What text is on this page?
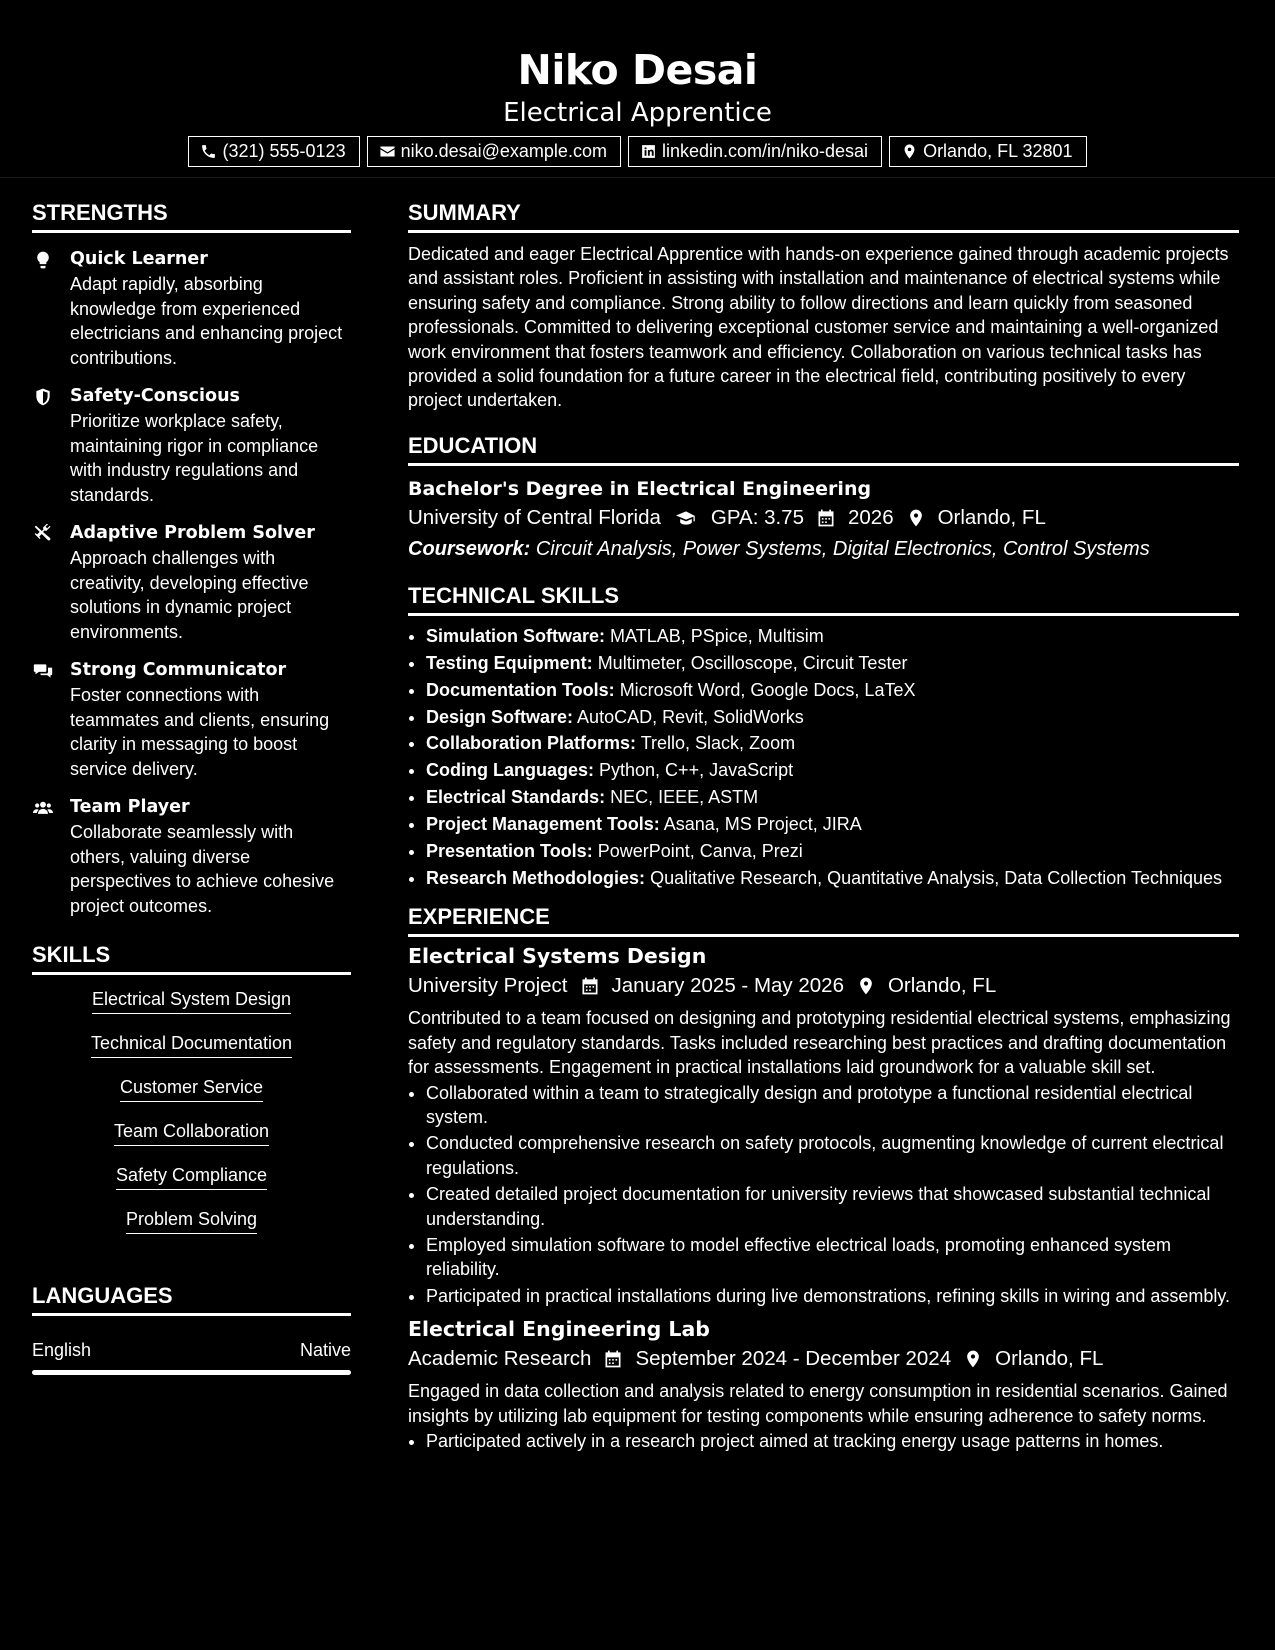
Niko Desai
Electrical Apprentice
(321) 555-0123	niko.desai@example.com	linkedin.com/in/niko-desai	Orlando, FL 32801
STRENGTHS
Quick Learner
Adapt rapidly, absorbing knowledge from experienced electricians and enhancing project contributions.
Safety-Conscious
Prioritize workplace safety, maintaining rigor in compliance with industry regulations and standards.
Adaptive Problem Solver
Approach challenges with creativity, developing effective solutions in dynamic project environments.
Strong Communicator
Foster connections with teammates and clients, ensuring clarity in messaging to boost service delivery.
Team Player
Collaborate seamlessly with others, valuing diverse perspectives to achieve cohesive project outcomes.
SKILLS
Electrical System Design
Technical Documentation
Customer Service
Team Collaboration
Safety Compliance
Problem Solving
LANGUAGES
English	Native
SUMMARY
Dedicated and eager Electrical Apprentice with hands-on experience gained through academic projects and assistant roles. Proficient in assisting with installation and maintenance of electrical systems while ensuring safety and compliance. Strong ability to follow directions and learn quickly from seasoned professionals. Committed to delivering exceptional customer service and maintaining a well-organized work environment that fosters teamwork and efficiency. Collaboration on various technical tasks has provided a solid foundation for a future career in the electrical field, contributing positively to every project undertaken.
EDUCATION
Bachelor's Degree in Electrical Engineering
University of Central Florida GPA: 3.75 2026 Orlando, FL
Coursework: Circuit Analysis, Power Systems, Digital Electronics, Control Systems
TECHNICAL SKILLS
• Simulation Software: MATLAB, PSpice, Multisim
• Testing Equipment: Multimeter, Oscilloscope, Circuit Tester
• Documentation Tools: Microsoft Word, Google Docs, LaTeX
• Design Software: AutoCAD, Revit, SolidWorks
• Collaboration Platforms: Trello, Slack, Zoom
• Coding Languages: Python, C++, JavaScript
• Electrical Standards: NEC, IEEE, ASTM
• Project Management Tools: Asana, MS Project, JIRA
• Presentation Tools: PowerPoint, Canva, Prezi
• Research Methodologies: Qualitative Research, Quantitative Analysis, Data Collection Techniques
EXPERIENCE
Electrical Systems Design
University Project January 2025 - May 2026 Orlando, FL
Contributed to a team focused on designing and prototyping residential electrical systems, emphasizing safety and regulatory standards. Tasks included researching best practices and drafting documentation for assessments. Engagement in practical installations laid groundwork for a valuable skill set.
• Collaborated within a team to strategically design and prototype a functional residential electrical system.
• Conducted comprehensive research on safety protocols, augmenting knowledge of current electrical regulations.
• Created detailed project documentation for university reviews that showcased substantial technical understanding.
• Employed simulation software to model effective electrical loads, promoting enhanced system reliability.
• Participated in practical installations during live demonstrations, refining skills in wiring and assembly.
Electrical Engineering Lab
Academic Research September 2024 - December 2024 Orlando, FL
Engaged in data collection and analysis related to energy consumption in residential scenarios. Gained insights by utilizing lab equipment for testing components while ensuring adherence to safety norms.
• Participated actively in a research project aimed at tracking energy usage patterns in homes.
